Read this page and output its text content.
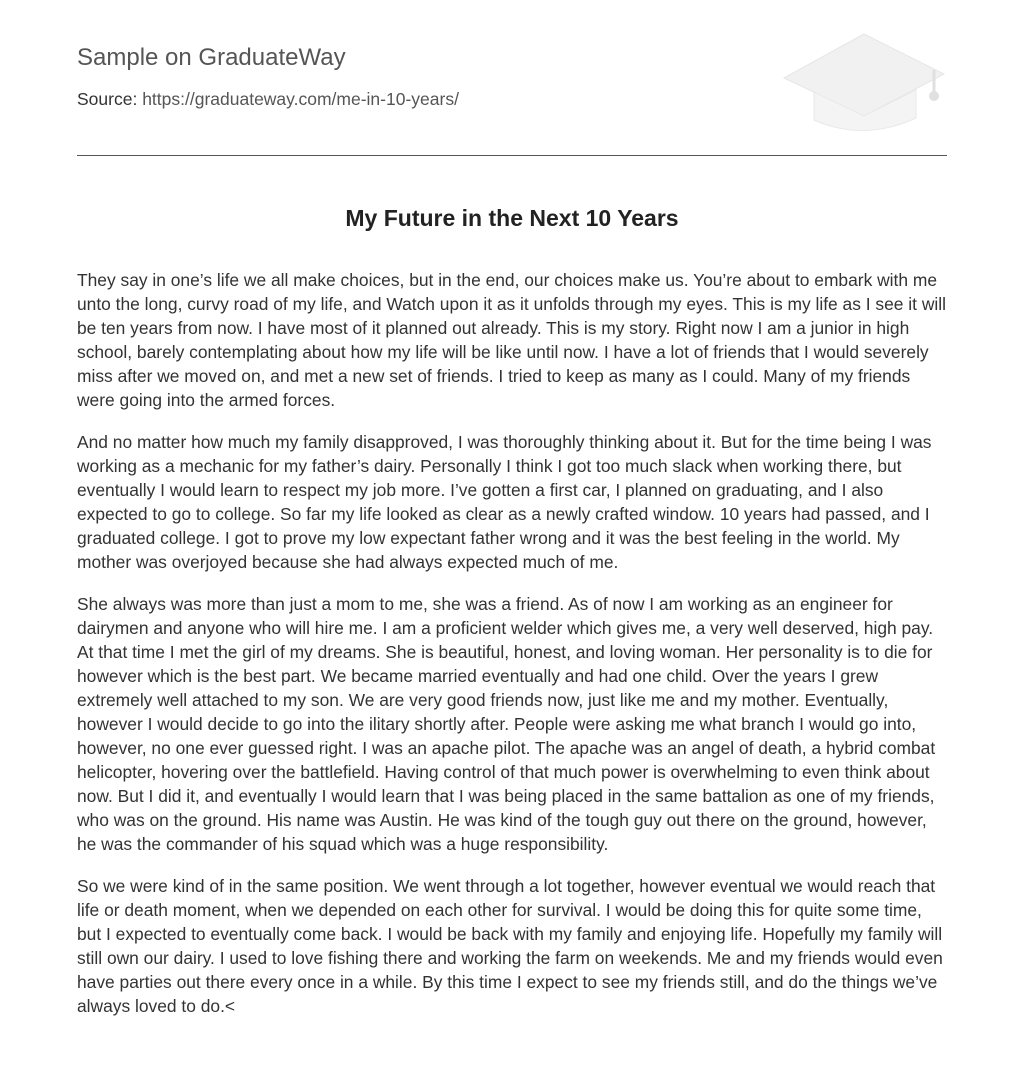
Sample on GraduateWay
Source: https://graduateway.com/me-in-10-years/
My Future in the Next 10 Years

They say in one’s life we all make choices, but in the end, our choices make us. You’re about to embark with me unto the long, curvy road of my life, and Watch upon it as it unfolds through my eyes. This is my life as I see it will be ten years from now. I have most of it planned out already. This is my story. Right now I am a junior in high school, barely contemplating about how my life will be like until now. I have a lot of friends that I would severely miss after we moved on, and met a new set of friends. I tried to keep as many as I could. Many of my friends were going into the armed forces.

And no matter how much my family disapproved, I was thoroughly thinking about it. But for the time being I was working as a mechanic for my father’s dairy. Personally I think I got too much slack when working there, but eventually I would learn to respect my job more. I’ve gotten a first car, I planned on graduating, and I also expected to go to college. So far my life looked as clear as a newly crafted window. 10 years had passed, and I graduated college. I got to prove my low expectant father wrong and it was the best feeling in the world. My mother was overjoyed because she had always expected much of me.

She always was more than just a mom to me, she was a friend. As of now I am working as an engineer for dairymen and anyone who will hire me. I am a proficient welder which gives me, a very well deserved, high pay. At that time I met the girl of my dreams. She is beautiful, honest, and loving woman. Her personality is to die for however which is the best part. We became married eventually and had one child. Over the years I grew extremely well attached to my son. We are very good friends now, just like me and my mother. Eventually, however I would decide to go into the ilitary shortly after. People were asking me what branch I would go into, however, no one ever guessed right. I was an apache pilot. The apache was an angel of death, a hybrid combat helicopter, hovering over the battlefield. Having control of that much power is overwhelming to even think about now. But I did it, and eventually I would learn that I was being placed in the same battalion as one of my friends, who was on the ground. His name was Austin. He was kind of the tough guy out there on the ground, however, he was the commander of his squad which was a huge responsibility.

So we were kind of in the same position. We went through a lot together, however eventual we would reach that life or death moment, when we depended on each other for survival. I would be doing this for quite some time, but I expected to eventually come back. I would be back with my family and enjoying life. Hopefully my family will still own our dairy. I used to love fishing there and working the farm on weekends. Me and my friends would even have parties out there every once in a while. By this time I expect to see my friends still, and do the things we’ve always loved to do.<
